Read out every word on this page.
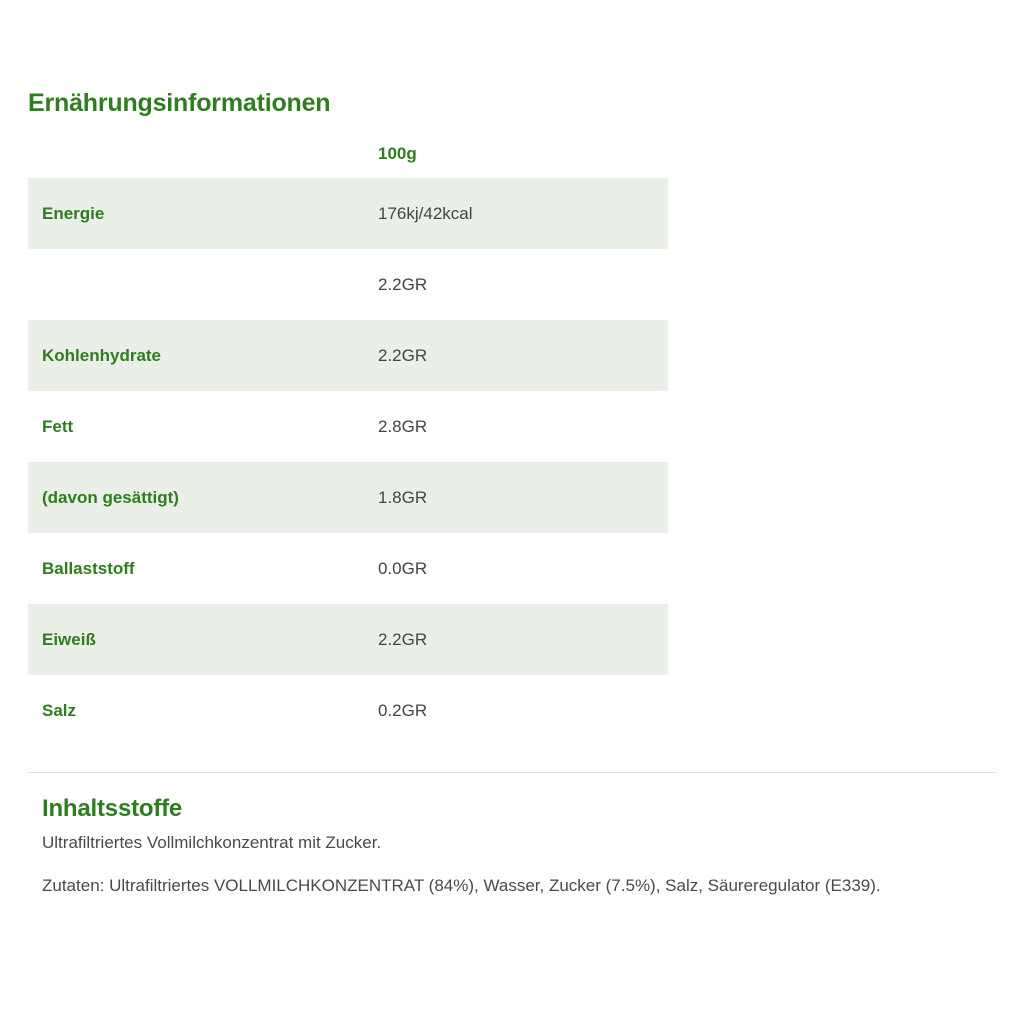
Ernährungsinformationen
	100g
Energie	176kj/42kcal
	2.2GR
Kohlenhydrate	2.2GR
Fett	2.8GR
(davon gesättigt)	1.8GR
Ballaststoff	0.0GR
Eiweiß	2.2GR
Salz	0.2GR
Inhaltsstoffe

Ultrafiltriertes Vollmilchkonzentrat mit Zucker.

Zutaten: Ultrafiltriertes VOLLMILCHKONZENTRAT (84%), Wasser, Zucker (7.5%), Salz, Säureregulator (E339).
